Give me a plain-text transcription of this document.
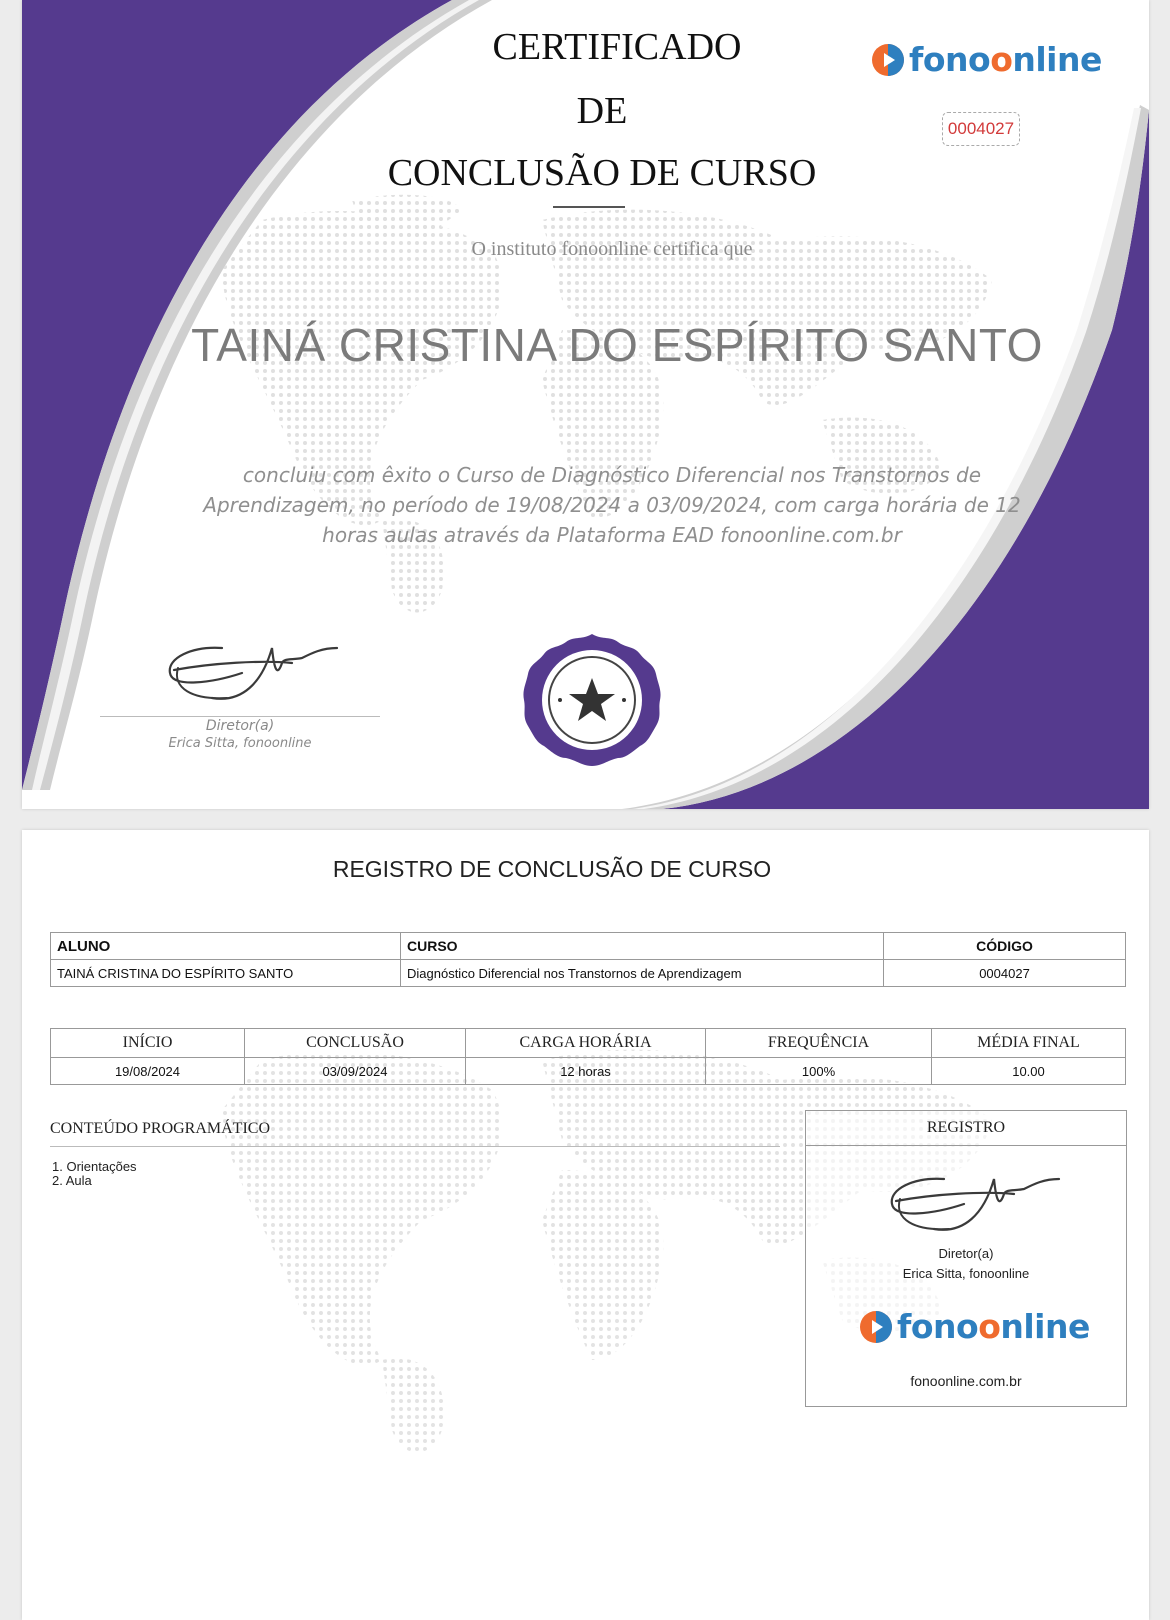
CERTIFICADO
DE
CONCLUSÃO DE CURSO
fono o nline
0004027
O instituto fonoonline certifica que
TAINÁ CRISTINA DO ESPÍRITO SANTO
concluiu com êxito o Curso de Diagnóstico Diferencial nos Transtornos de Aprendizagem, no período de 19/08/2024 a 03/09/2024, com carga horária de 12 horas aulas através da Plataforma EAD fonoonline.com.br
Diretor(a)
Erica Sitta, fonoonline
REGISTRO DE CONCLUSÃO DE CURSO
ALUNO	CURSO	CÓDIGO
TAINÁ CRISTINA DO ESPÍRITO SANTO	Diagnóstico Diferencial nos Transtornos de Aprendizagem	0004027
INÍCIO	CONCLUSÃO	CARGA HORÁRIA	FREQUÊNCIA	MÉDIA FINAL
19/08/2024	03/09/2024	12 horas	100%	10.00
CONTEÚDO PROGRAMÁTICO
1. Orientações
2. Aula
REGISTRO
Diretor(a)
Erica Sitta, fonoonline
fono o nline
fonoonline.com.br
